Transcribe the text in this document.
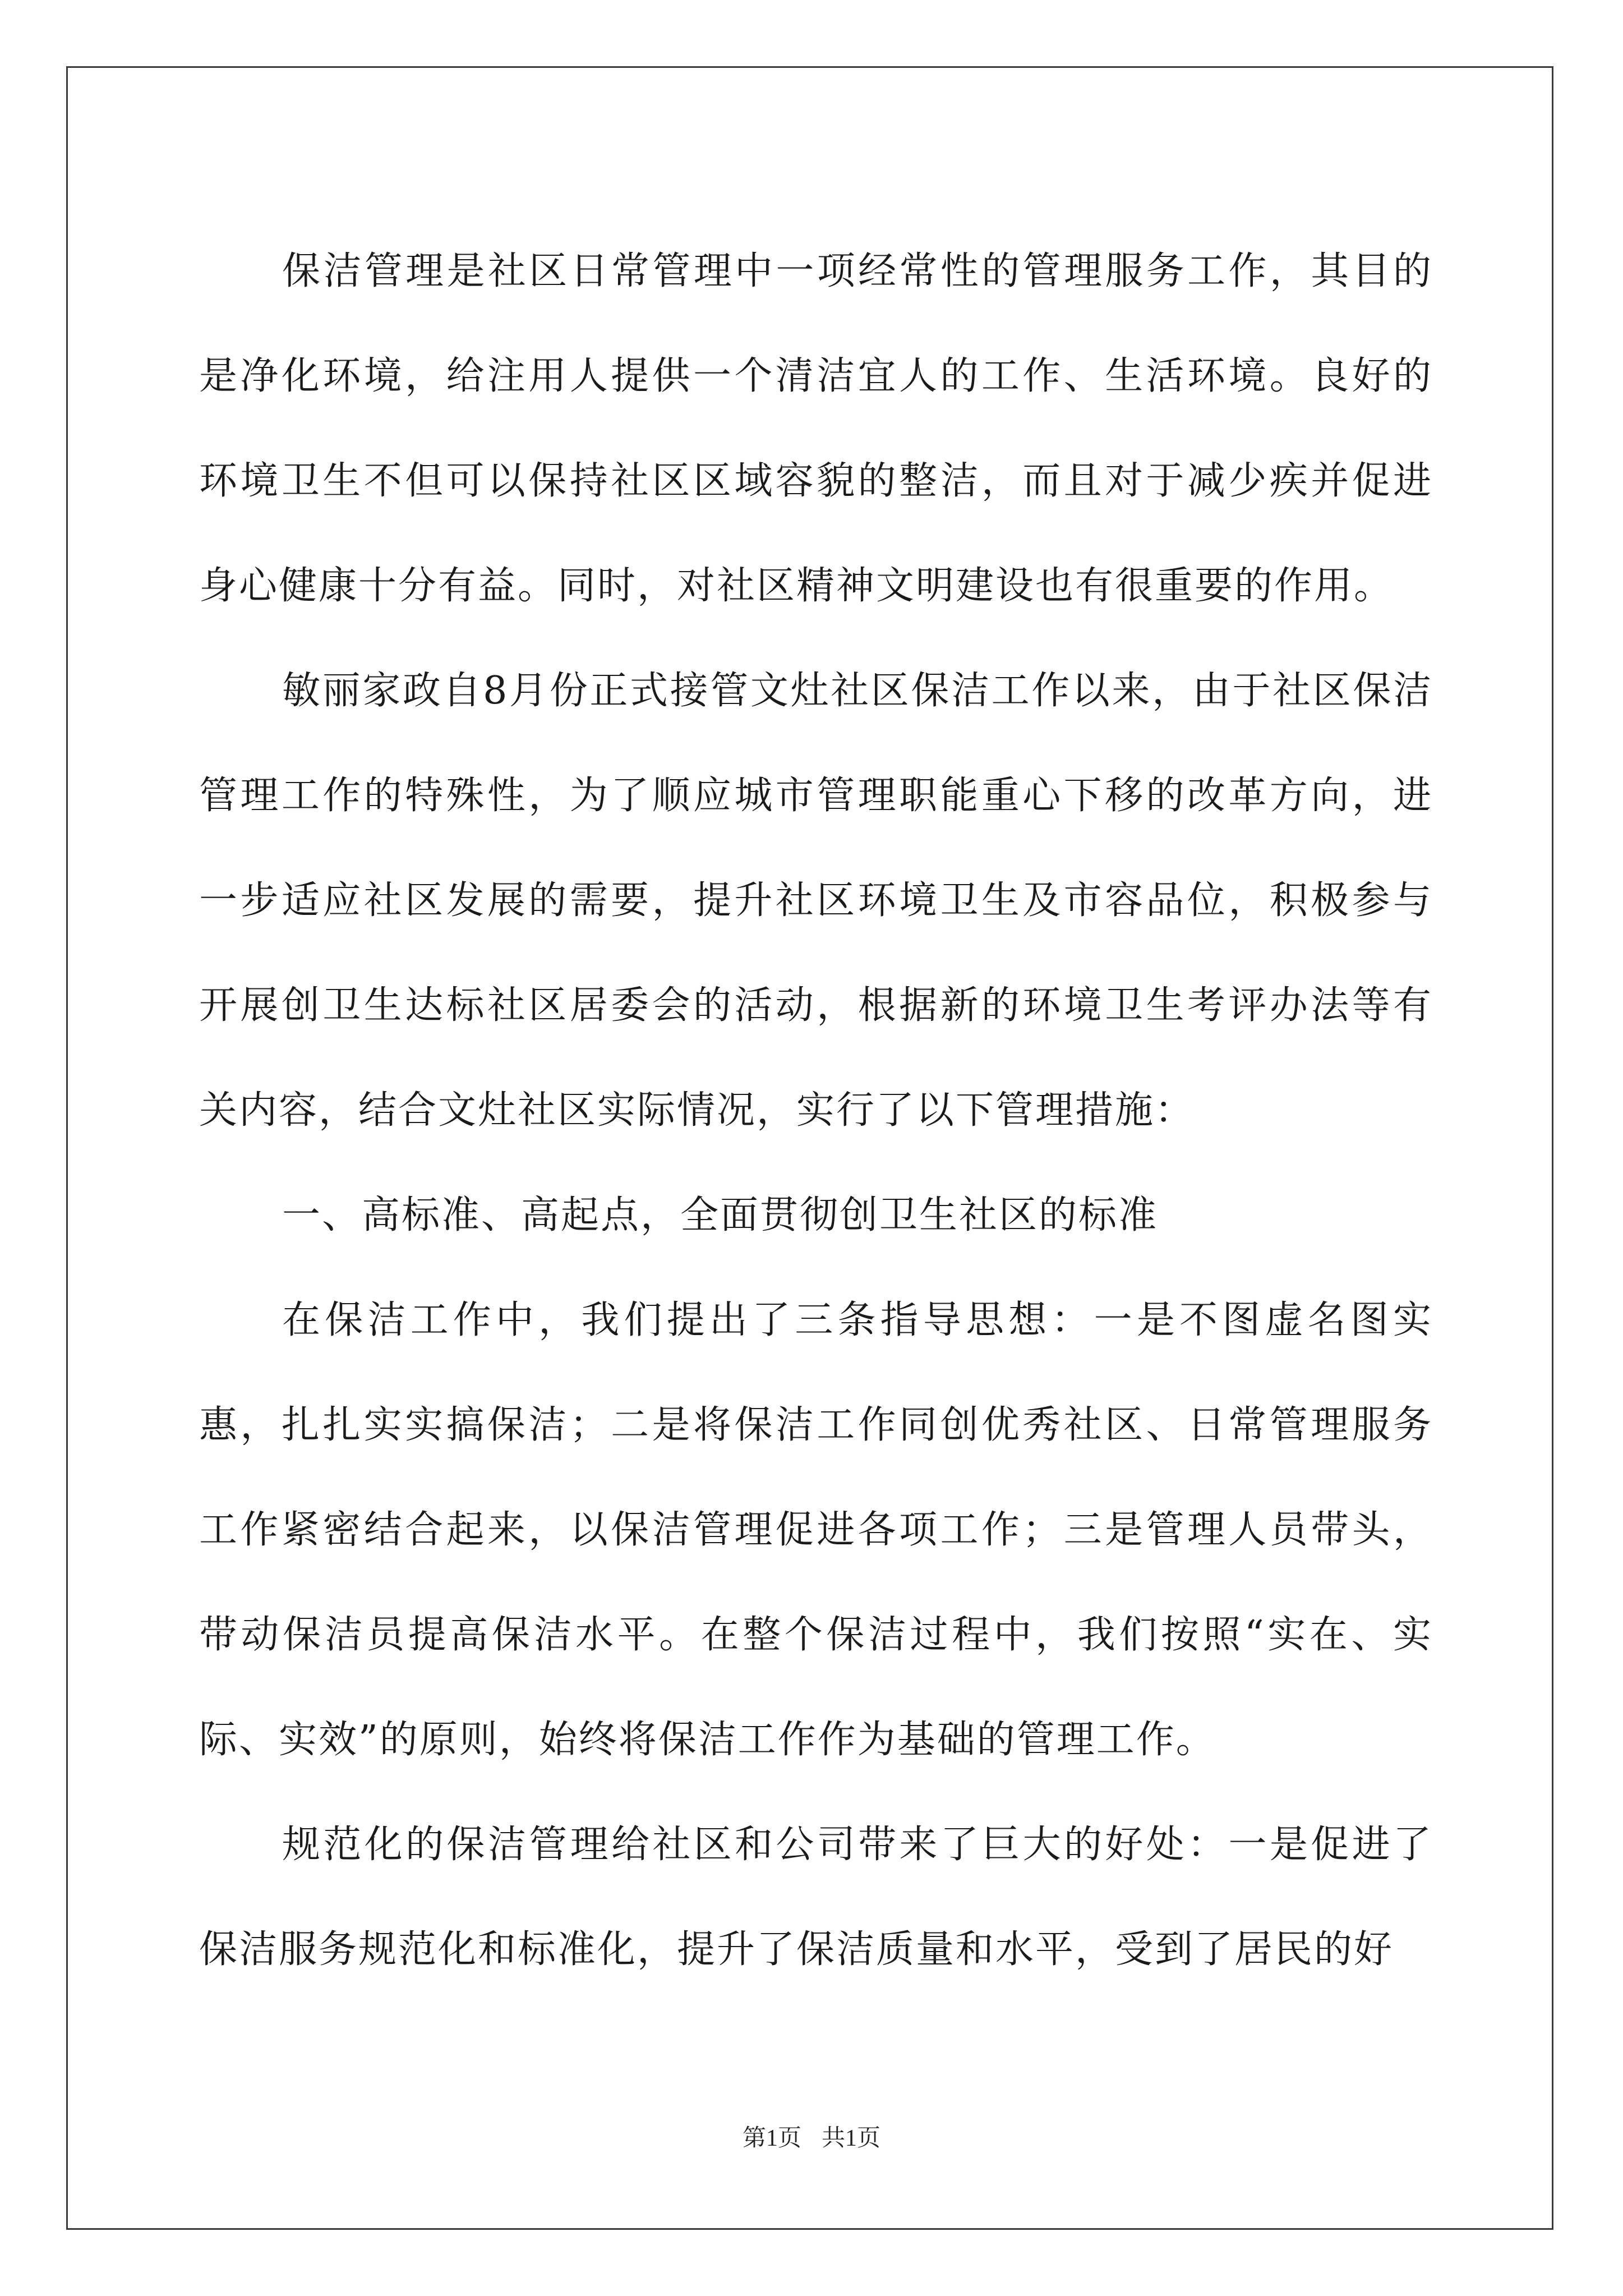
保洁管理是社区日常管理中一项经常性的管理服务工作，其目的是净化环境，给注用人提供一个清洁宜人的工作、生活环境。良好的环境卫生不但可以保持社区区域容貌的整洁，而且对于减少疾并促进身心健康十分有益。同时，对社区精神文明建设也有很重要的作用。

敏丽家政自8月份正式接管文灶社区保洁工作以来，由于社区保洁管理工作的特殊性，为了顺应城市管理职能重心下移的改革方向，进一步适应社区发展的需要，提升社区环境卫生及市容品位，积极参与开展创卫生达标社区居委会的活动，根据新的环境卫生考评办法等有关内容，结合文灶社区实际情况，实行了以下管理措施：

一、高标准、高起点，全面贯彻创卫生社区的标准

在保洁工作中，我们提出了三条指导思想：一是不图虚名图实惠，扎扎实实搞保洁；二是将保洁工作同创优秀社区、日常管理服务工作紧密结合起来，以保洁管理促进各项工作；三是管理人员带头，带动保洁员提高保洁水平。在整个保洁过程中，我们按照“实在、实际、实效”的原则，始终将保洁工作作为基础的管理工作。

规范化的保洁管理给社区和公司带来了巨大的好处：一是促进了保洁服务规范化和标准化，提升了保洁质量和水平，受到了居民的好

第1页 共1页
